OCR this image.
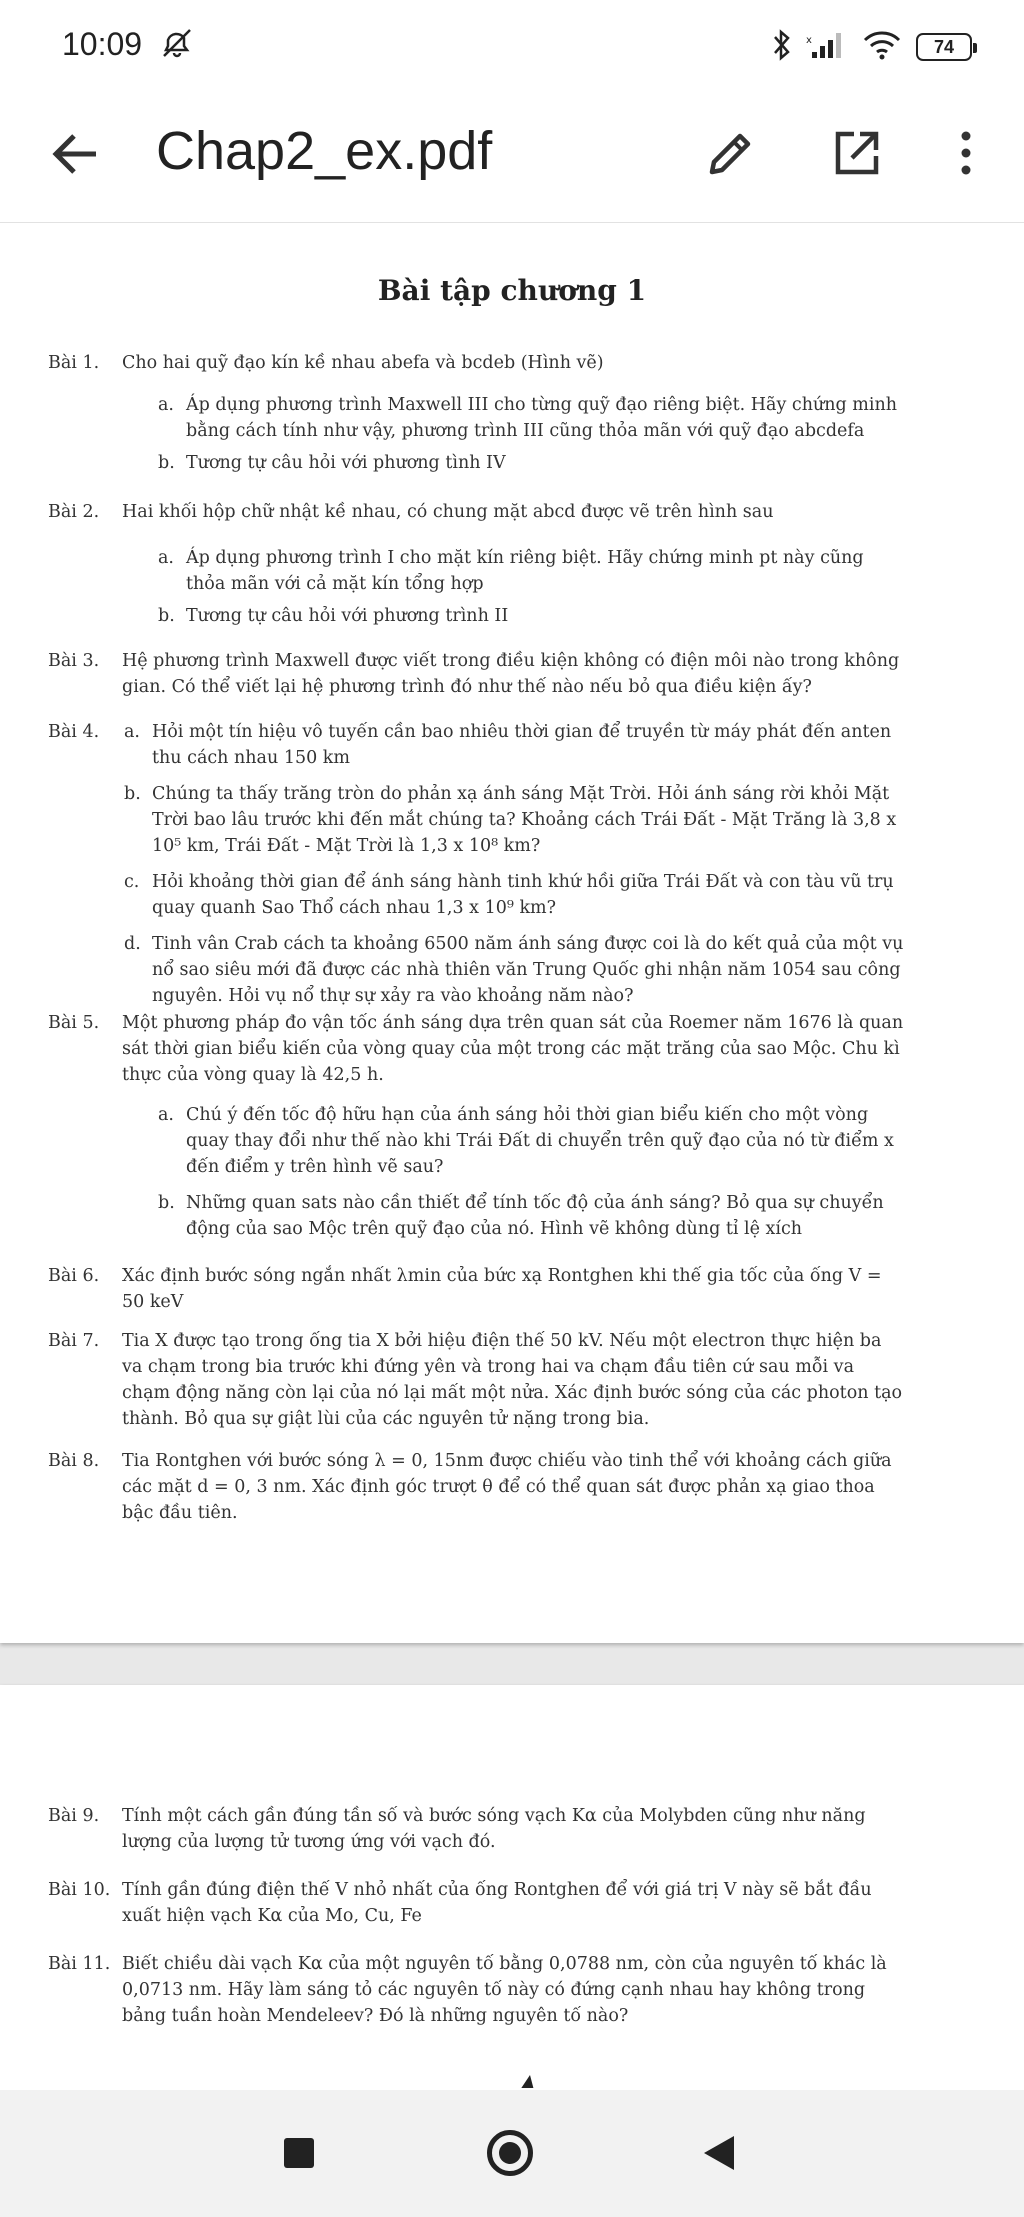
10:09	x	74
Chap2_ex.pdf
Bài tập chương 1
Bài 1.	Cho hai quỹ đạo kín kề nhau abefa và bcdeb (Hình vẽ)
a. Áp dụng phương trình Maxwell III cho từng quỹ đạo riêng biệt. Hãy chứng minh bằng cách tính như vậy, phương trình III cũng thỏa mãn với quỹ đạo abcdefa
b. Tương tự câu hỏi với phương tình IV
Bài 2.	Hai khối hộp chữ nhật kề nhau, có chung mặt abcd được vẽ trên hình sau
a. Áp dụng phương trình I cho mặt kín riêng biệt. Hãy chứng minh pt này cũng thỏa mãn với cả mặt kín tổng hợp
b. Tương tự câu hỏi với phương trình II
Bài 3.	Hệ phương trình Maxwell được viết trong điều kiện không có điện môi nào trong không gian. Có thể viết lại hệ phương trình đó như thế nào nếu bỏ qua điều kiện ấy?
Bài 4.	a. Hỏi một tín hiệu vô tuyến cần bao nhiêu thời gian để truyền từ máy phát đến anten thu cách nhau 150 km
b. Chúng ta thấy trăng tròn do phản xạ ánh sáng Mặt Trời. Hỏi ánh sáng rời khỏi Mặt Trời bao lâu trước khi đến mắt chúng ta? Khoảng cách Trái Đất - Mặt Trăng là 3,8 x 10⁵ km, Trái Đất - Mặt Trời là 1,3 x 10⁸ km?
c. Hỏi khoảng thời gian để ánh sáng hành tinh khứ hồi giữa Trái Đất và con tàu vũ trụ quay quanh Sao Thổ cách nhau 1,3 x 10⁹ km?
d. Tinh vân Crab cách ta khoảng 6500 năm ánh sáng được coi là do kết quả của một vụ nổ sao siêu mới đã được các nhà thiên văn Trung Quốc ghi nhận năm 1054 sau công nguyên. Hỏi vụ nổ thự sự xảy ra vào khoảng năm nào?
Bài 5.	Một phương pháp đo vận tốc ánh sáng dựa trên quan sát của Roemer năm 1676 là quan sát thời gian biểu kiến của vòng quay của một trong các mặt trăng của sao Mộc. Chu kì thực của vòng quay là 42,5 h.
a. Chú ý đến tốc độ hữu hạn của ánh sáng hỏi thời gian biểu kiến cho một vòng quay thay đổi như thế nào khi Trái Đất di chuyển trên quỹ đạo của nó từ điểm x đến điểm y trên hình vẽ sau?
b. Những quan sats nào cần thiết để tính tốc độ của ánh sáng? Bỏ qua sự chuyển động của sao Mộc trên quỹ đạo của nó. Hình vẽ không dùng tỉ lệ xích
Bài 6.	Xác định bước sóng ngắn nhất λmin của bức xạ Rontghen khi thế gia tốc của ống V = 50 keV
Bài 7.	Tia X được tạo trong ống tia X bởi hiệu điện thế 50 kV. Nếu một electron thực hiện ba va chạm trong bia trước khi đứng yên và trong hai va chạm đầu tiên cứ sau mỗi va chạm động năng còn lại của nó lại mất một nửa. Xác định bước sóng của các photon tạo thành. Bỏ qua sự giật lùi của các nguyên tử nặng trong bia.
Bài 8.	Tia Rontghen với bước sóng λ = 0, 15nm được chiếu vào tinh thể với khoảng cách giữa các mặt d = 0, 3 nm. Xác định góc trượt θ để có thể quan sát được phản xạ giao thoa bậc đầu tiên.
Bài 9.	Tính một cách gần đúng tần số và bước sóng vạch Kα của Molybden cũng như năng lượng của lượng tử tương ứng với vạch đó.
Bài 10. Tính gần đúng điện thế V nhỏ nhất của ống Rontghen để với giá trị V này sẽ bắt đầu xuất hiện vạch Kα của Mo, Cu, Fe
Bài 11. Biết chiều dài vạch Kα của một nguyên tố bằng 0,0788 nm, còn của nguyên tố khác là 0,0713 nm. Hãy làm sáng tỏ các nguyên tố này có đứng cạnh nhau hay không trong bảng tuần hoàn Mendeleev? Đó là những nguyên tố nào?
